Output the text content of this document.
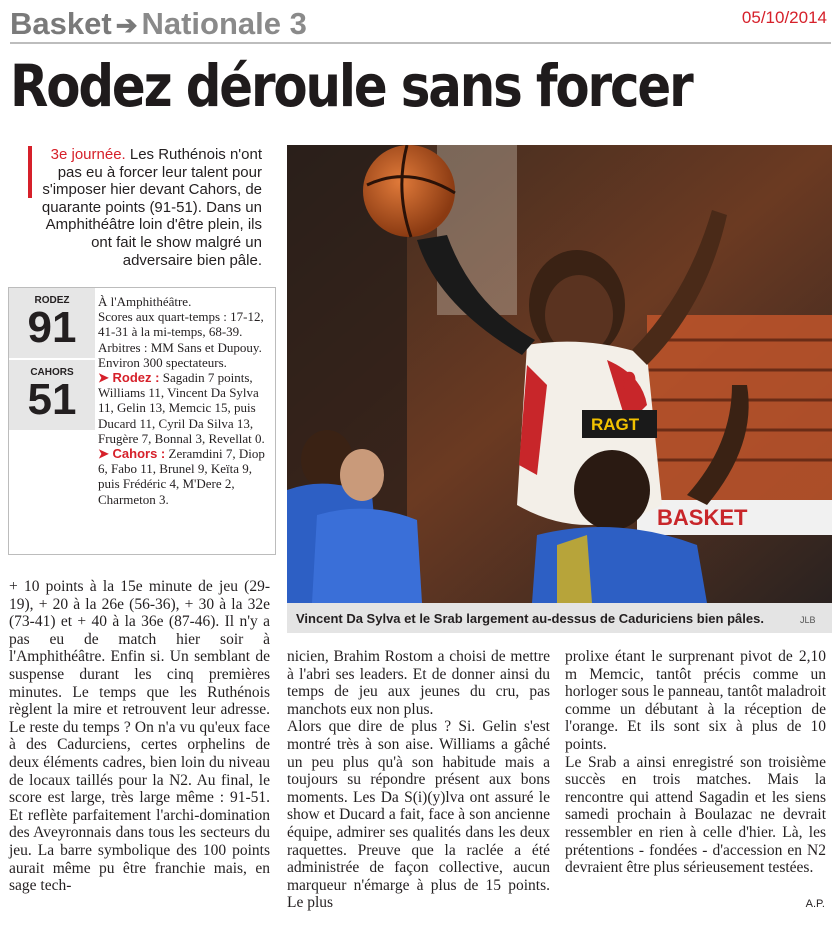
Basket ➔ Nationale 3	05/10/2014
Rodez déroule sans forcer
3e journée. Les Ruthénois n'ont pas eu à forcer leur talent pour s'imposer hier devant Cahors, de quarante points (91-51). Dans un Amphithéâtre loin d'être plein, ils ont fait le show malgré un adversaire bien pâle.
RODEZ
91
CAHORS
51
À l'Amphithéâtre.
Scores aux quart-temps : 17-12, 41-31 à la mi-temps, 68-39.
Arbitres : MM Sans et Dupouy.
Environ 300 spectateurs.
➤ Rodez : Sagadin 7 points, Williams 11, Vincent Da Sylva 11, Gelin 13, Memcic 15, puis Ducard 11, Cyril Da Silva 13, Frugère 7, Bonnal 3, Revellat 0.
➤ Cahors : Zeramdini 7, Diop 6, Fabo 11, Brunel 9, Keïta 9, puis Frédéric 4, M'Dere 2, Charmeton 3.
BASKET
RAGT
9
Vincent Da Sylva et le Srab largement au-dessus de Caduriciens bien pâles.	JLB

+ 10 points à la 15e minute de jeu (29-19), + 20 à la 26e (56-36), + 30 à la 32e (73-41) et + 40 à la 36e (87-46). Il n'y a pas eu de match hier soir à l'Amphithéâtre. Enfin si. Un semblant de suspense durant les cinq premières minutes. Le temps que les Ruthénois règlent la mire et retrouvent leur adresse. Le reste du temps ? On n'a vu qu'eux face à des Cadurciens, certes orphelins de deux éléments cadres, bien loin du niveau de locaux taillés pour la N2. Au final, le score est large, très large même : 91-51. Et reflète parfaitement l'archi-domination des Aveyronnais dans tous les secteurs du jeu. La barre symbolique des 100 points aurait même pu être franchie mais, en sage tech-

nicien, Brahim Rostom a choisi de mettre à l'abri ses leaders. Et de donner ainsi du temps de jeu aux jeunes du cru, pas manchots eux non plus.

Alors que dire de plus ? Si. Gelin s'est montré très à son aise. Williams a gâché un peu plus qu'à son habitude mais a toujours su répondre présent aux bons moments. Les Da S(i)(y)lva ont assuré le show et Ducard a fait, face à son ancienne équipe, admirer ses qualités dans les deux raquettes. Preuve que la raclée a été administrée de façon collective, aucun marqueur n'émarge à plus de 15 points. Le plus

prolixe étant le surprenant pivot de 2,10 m Memcic, tantôt précis comme un horloger sous le panneau, tantôt maladroit comme un débutant à la réception de l'orange. Et ils sont six à plus de 10 points.

Le Srab a ainsi enregistré son troisième succès en trois matches. Mais la rencontre qui attend Sagadin et les siens samedi prochain à Boulazac ne devrait ressembler en rien à celle d'hier. Là, les prétentions - fondées - d'accession en N2 devraient être plus sérieusement testées.

A.P.
